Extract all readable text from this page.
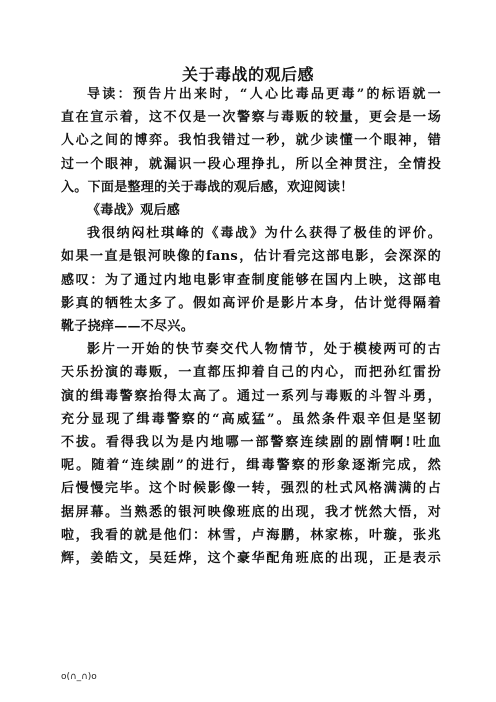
关于毒战的观后感
导读：预告片出来时，“人心比毒品更毒”的标语就一
直在宣示着，这不仅是一次警察与毒贩的较量，更会是一场
人心之间的博弈。我怕我错过一秒，就少读懂一个眼神，错
过一个眼神，就漏识一段心理挣扎，所以全神贯注，全情投
入。下面是整理的关于毒战的观后感，欢迎阅读！
《毒战》观后感
我很纳闷杜琪峰的《毒战》为什么获得了极佳的评价。
如果一直是银河映像的fans，估计看完这部电影，会深深的
感叹：为了通过内地电影审查制度能够在国内上映，这部电
影真的牺牲太多了。假如高评价是影片本身，估计觉得隔着
靴子挠痒——不尽兴。
影片一开始的快节奏交代人物情节，处于模棱两可的古
天乐扮演的毒贩，一直都压抑着自己的内心，而把孙红雷扮
演的缉毒警察抬得太高了。通过一系列与毒贩的斗智斗勇，
充分显现了缉毒警察的“高威猛”。虽然条件艰辛但是坚韧
不拔。看得我以为是内地哪一部警察连续剧的剧情啊!吐血
呢。随着“连续剧”的进行，缉毒警察的形象逐渐完成，然
后慢慢完毕。这个时候影像一转，强烈的杜式风格满满的占
据屏幕。当熟悉的银河映像班底的出现，我才恍然大悟，对
啦，我看的就是他们：林雪，卢海鹏，林家栋，叶璇，张兆
辉，姜皓文，吴廷烨，这个豪华配角班底的出现，正是表示
o(∩_∩)o
